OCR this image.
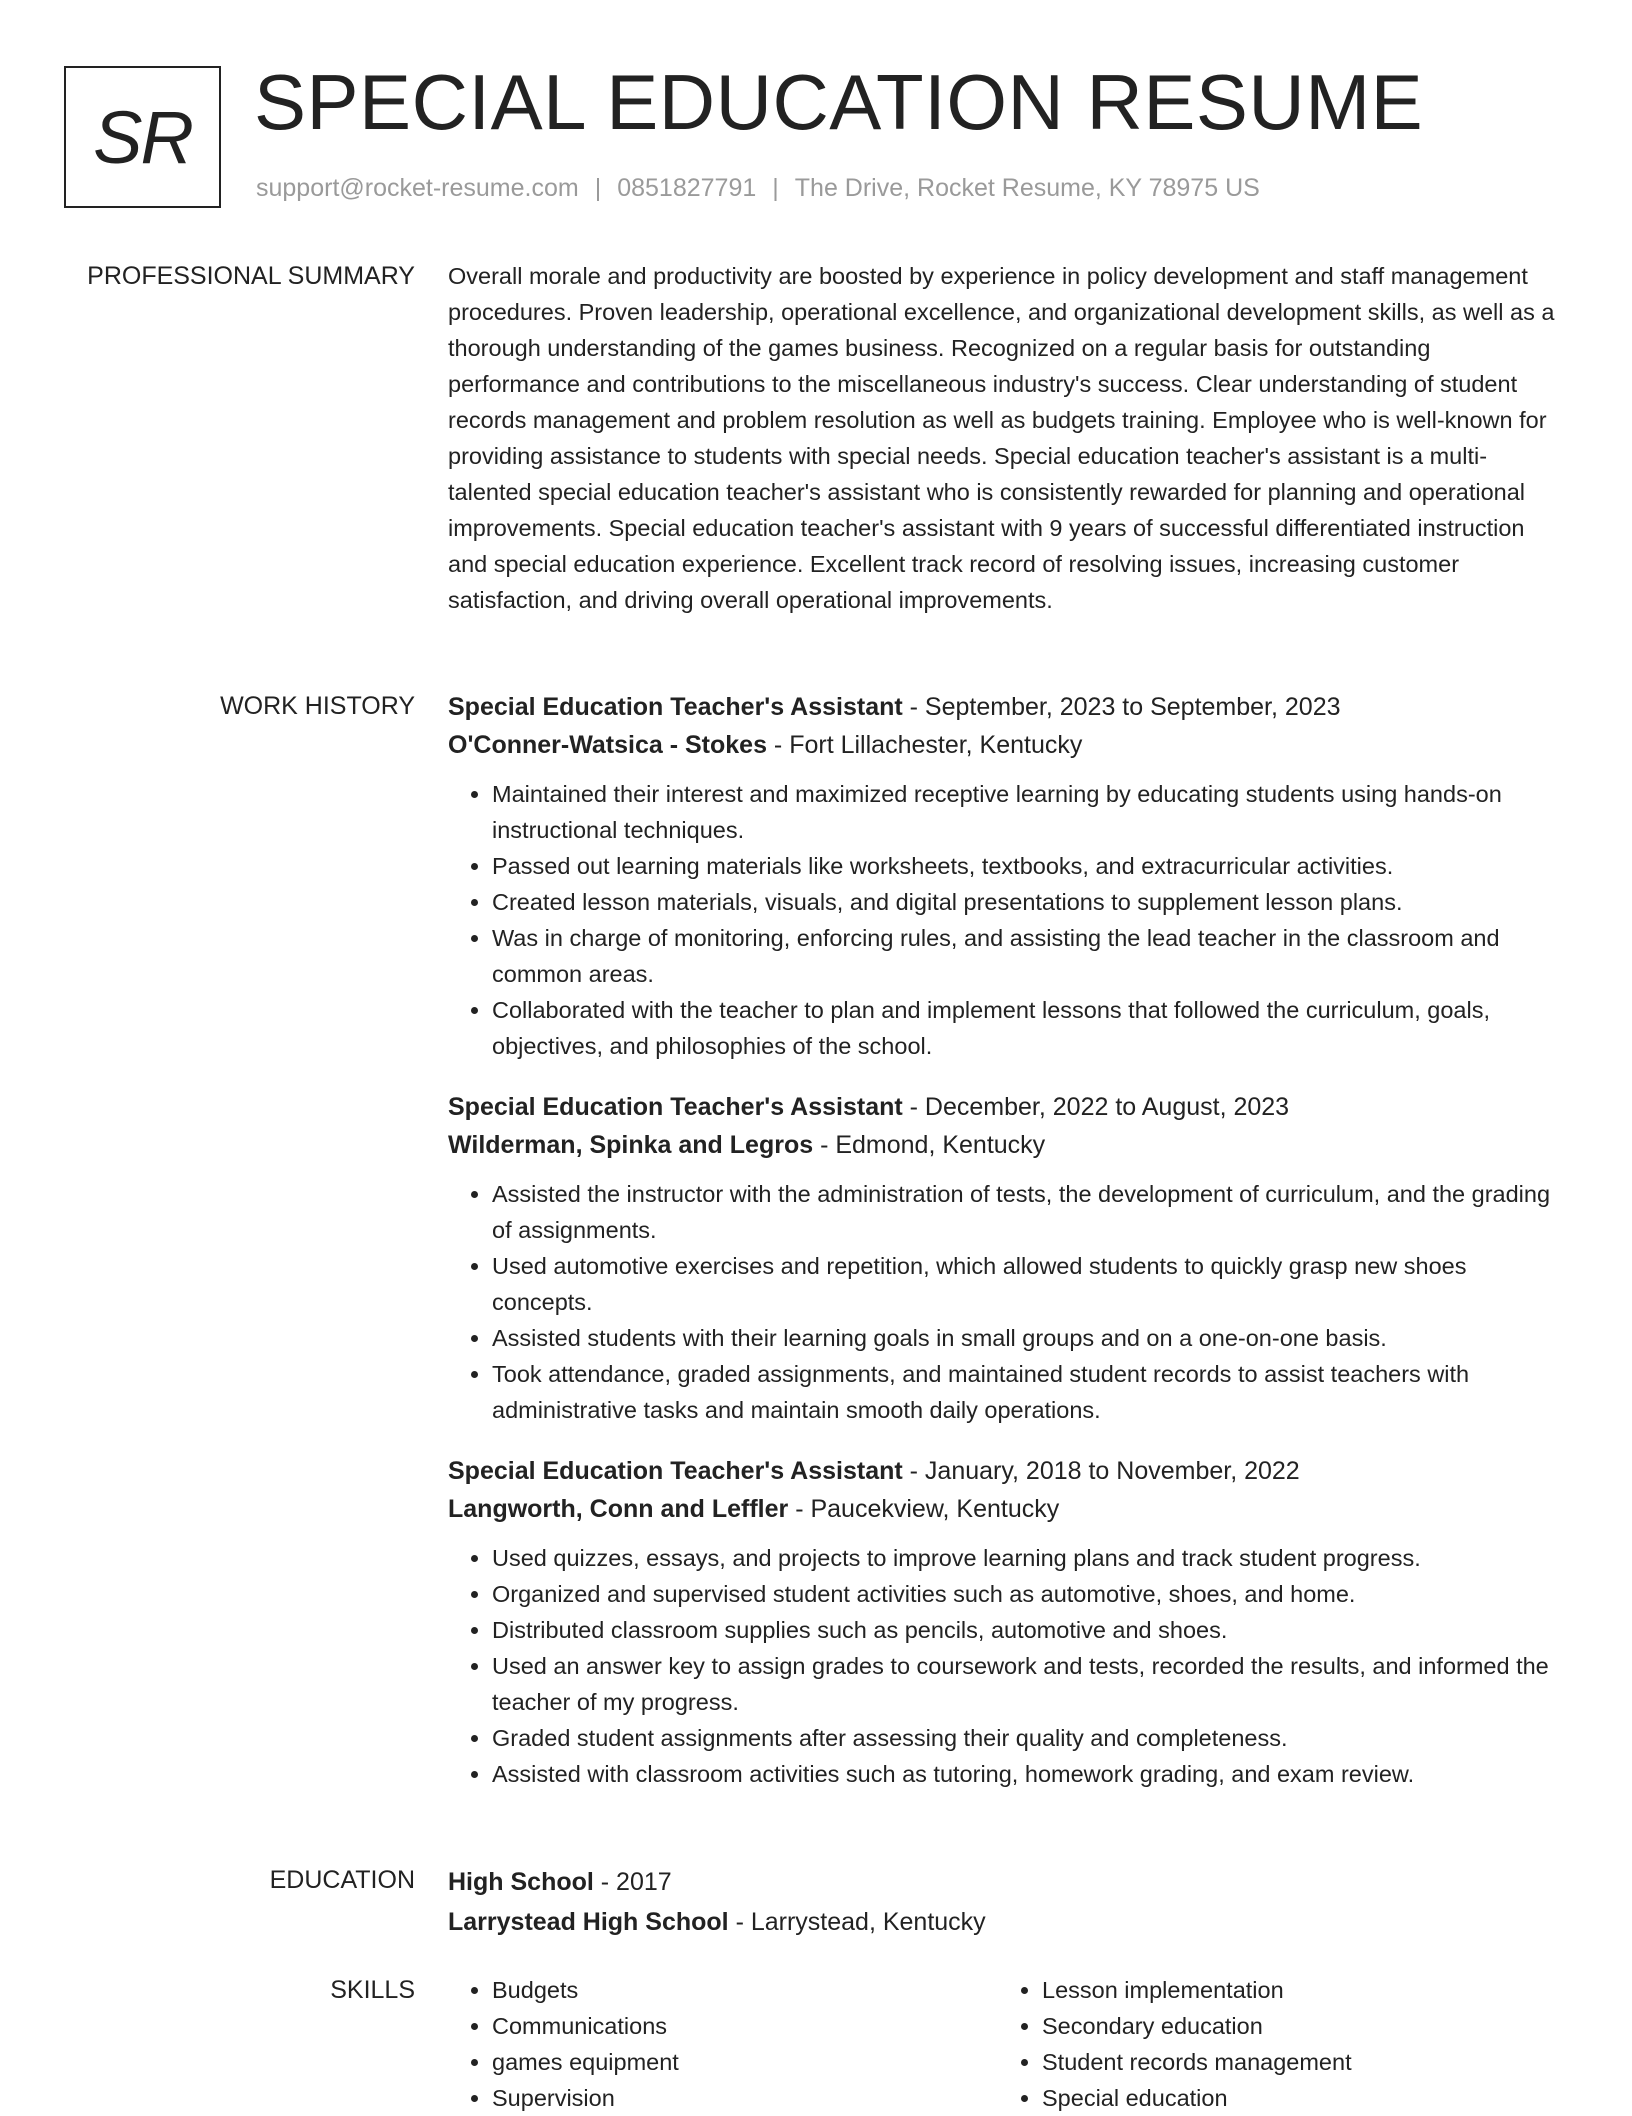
SR SPECIAL EDUCATION RESUME
support@rocket-resume.com | 0851827791 | The Drive, Rocket Resume, KY 78975 US
PROFESSIONAL SUMMARY Overall morale and productivity are boosted by experience in policy development and staff management procedures. Proven leadership, operational excellence, and organizational development skills, as well as a thorough understanding of the games business. Recognized on a regular basis for outstanding performance and contributions to the miscellaneous industry's success. Clear understanding of student records management and problem resolution as well as budgets training. Employee who is well-known for providing assistance to students with special needs. Special education teacher's assistant is a multi-talented special education teacher's assistant who is consistently rewarded for planning and operational improvements. Special education teacher's assistant with 9 years of successful differentiated instruction and special education experience. Excellent track record of resolving issues, increasing customer satisfaction, and driving overall operational improvements.

WORK HISTORY Special Education Teacher's Assistant - September, 2023 to September, 2023
O'Conner-Watsica - Stokes - Fort Lillachester, Kentucky
• Maintained their interest and maximized receptive learning by educating students using hands-on instructional techniques.
• Passed out learning materials like worksheets, textbooks, and extracurricular activities.
• Created lesson materials, visuals, and digital presentations to supplement lesson plans.
• Was in charge of monitoring, enforcing rules, and assisting the lead teacher in the classroom and common areas.
• Collaborated with the teacher to plan and implement lessons that followed the curriculum, goals, objectives, and philosophies of the school.
Special Education Teacher's Assistant - December, 2022 to August, 2023
Wilderman, Spinka and Legros - Edmond, Kentucky
• Assisted the instructor with the administration of tests, the development of curriculum, and the grading of assignments.
• Used automotive exercises and repetition, which allowed students to quickly grasp new shoes concepts.
• Assisted students with their learning goals in small groups and on a one-on-one basis.
• Took attendance, graded assignments, and maintained student records to assist teachers with administrative tasks and maintain smooth daily operations.
Special Education Teacher's Assistant - January, 2018 to November, 2022
Langworth, Conn and Leffler - Paucekview, Kentucky
• Used quizzes, essays, and projects to improve learning plans and track student progress.
• Organized and supervised student activities such as automotive, shoes, and home.
• Distributed classroom supplies such as pencils, automotive and shoes.
• Used an answer key to assign grades to coursework and tests, recorded the results, and informed the teacher of my progress.
• Graded student assignments after assessing their quality and completeness.
• Assisted with classroom activities such as tutoring, homework grading, and exam review.
EDUCATION High School - 2017
Larrystead High School - Larrystead, Kentucky
SKILLS
•	Budgets
• Communications
• games equipment
• Supervision
• Lesson implementation
• Secondary education
• Student records management
• Special education
